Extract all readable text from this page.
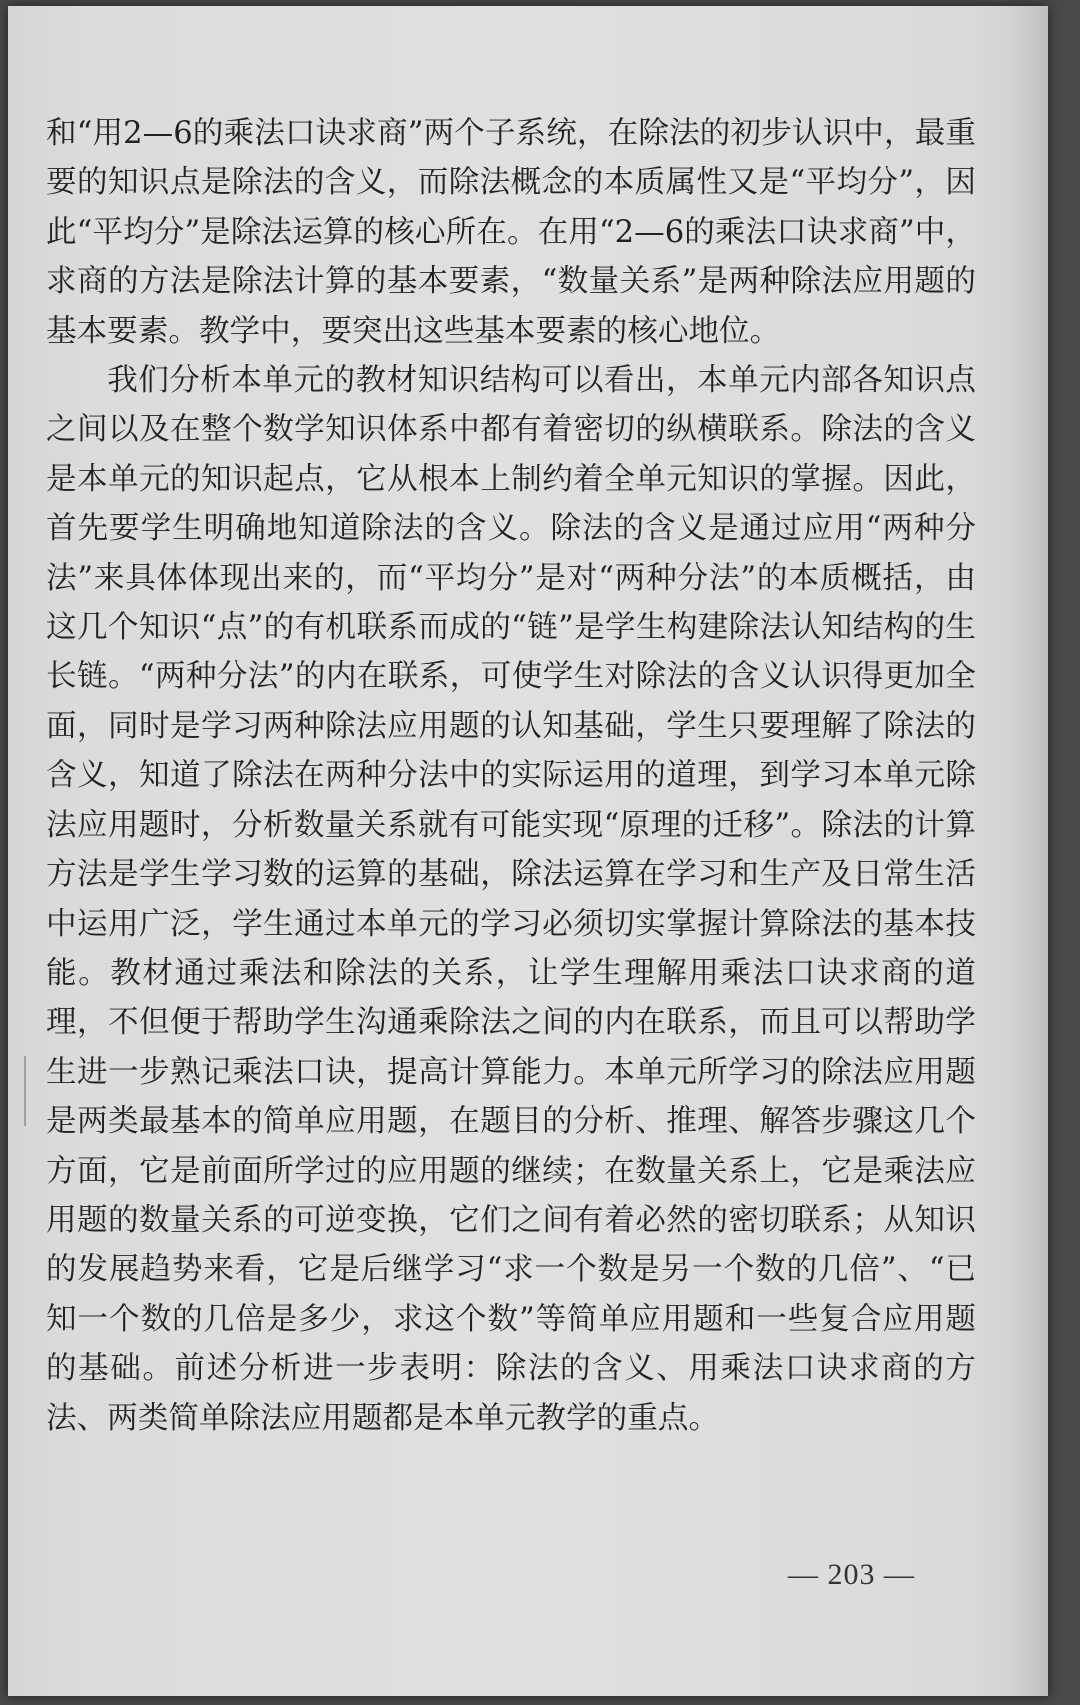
和“用2—6的乘法口诀求商”两个子系统，在除法的初步认识中，最重要的知识点是除法的含义，而除法概念的本质属性又是“平均分”，因此“平均分”是除法运算的核心所在。在用“2—6的乘法口诀求商”中，求商的方法是除法计算的基本要素，“数量关系”是两种除法应用题的基本要素。教学中，要突出这些基本要素的核心地位。

我们分析本单元的教材知识结构可以看出，本单元内部各知识点之间以及在整个数学知识体系中都有着密切的纵横联系。除法的含义是本单元的知识起点，它从根本上制约着全单元知识的掌握。因此，首先要学生明确地知道除法的含义。除法的含义是通过应用“两种分法”来具体体现出来的，而“平均分”是对“两种分法”的本质概括，由这几个知识“点”的有机联系而成的“链”是学生构建除法认知结构的生长链。“两种分法”的内在联系，可使学生对除法的含义认识得更加全面，同时是学习两种除法应用题的认知基础，学生只要理解了除法的含义，知道了除法在两种分法中的实际运用的道理，到学习本单元除法应用题时，分析数量关系就有可能实现“原理的迁移”。除法的计算方法是学生学习数的运算的基础，除法运算在学习和生产及日常生活中运用广泛，学生通过本单元的学习必须切实掌握计算除法的基本技能。教材通过乘法和除法的关系，让学生理解用乘法口诀求商的道理，不但便于帮助学生沟通乘除法之间的内在联系，而且可以帮助学生进一步熟记乘法口诀，提高计算能力。本单元所学习的除法应用题是两类最基本的简单应用题，在题目的分析、推理、解答步骤这几个方面，它是前面所学过的应用题的继续；在数量关系上，它是乘法应用题的数量关系的可逆变换，它们之间有着必然的密切联系；从知识的发展趋势来看，它是后继学习“求一个数是另一个数的几倍”、“已知一个数的几倍是多少，求这个数”等简单应用题和一些复合应用题的基础。前述分析进一步表明：除法的含义、用乘法口诀求商的方法、两类简单除法应用题都是本单元教学的重点。

— 203 —
